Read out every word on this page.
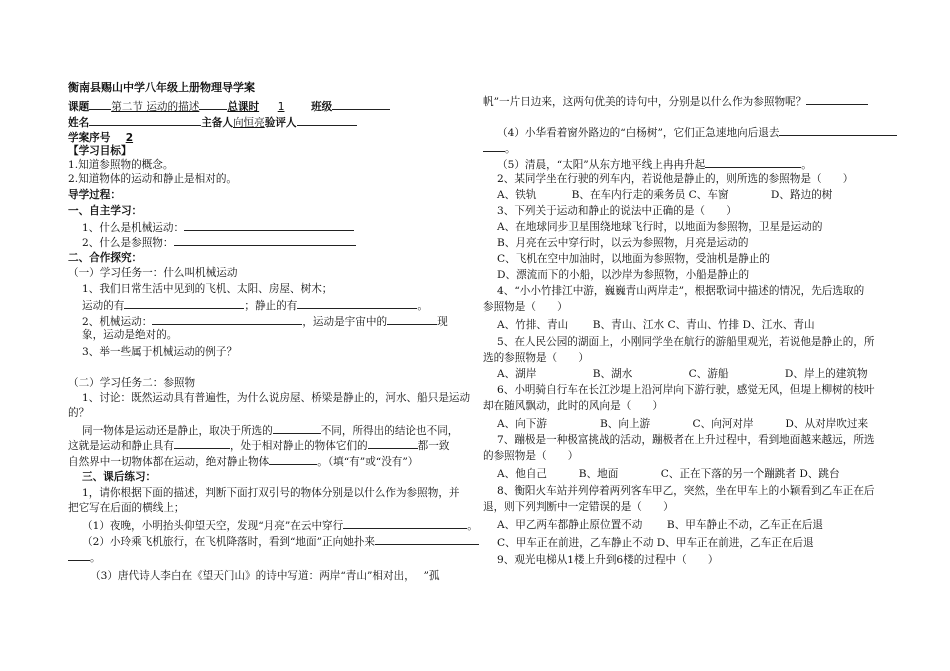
衡南县赐山中学八年级上册物理导学案
课题 第二节 运动的描述	总课时 1	班级
姓名	主备人向恒亮验评人
学案序号 2
【学习目标】
1.知道参照物的概念。
2.知道物体的运动和静止是相对的。
导学过程：
一、自主学习：
1、什么是机械运动：
2、什么是参照物：
二、合作探究：
（一）学习任务一：什么叫机械运动
1、我们日常生活中见到的飞机、太阳、房屋、树木；
运动的有	；静止的有	。
2、机械运动：	，运动是宇宙中的	现
象，运动是绝对的。
3、举一些属于机械运动的例子？
（二）学习任务二：参照物
1、讨论：既然运动具有普遍性，为什么说房屋、桥梁是静止的，河水、船只是运动
的？
同一物体是运动还是静止，取决于所选的	不同，所得出的结论也不同，
这就是运动和静止具有	，处于相对静止的物体它们的	都一致
自然界中一切物体都在运动，绝对静止物体	。（填“有”或“没有”）
三、课后练习：
1，请你根据下面的描述，判断下面打双引号的物体分别是以什么作为参照物，并
把它写在后面的横线上；
（1）夜晚，小明抬头仰望天空，发现“月亮”在云中穿行	。
（2）小玲乘飞机旅行，在飞机降落时，看到“地面”正向她扑来
。
（3）唐代诗人李白在《望天门山》的诗中写道：两岸“青山”相对出，　 ”孤
帆”一片日边来，这两句优美的诗句中，分别是以什么作为参照物呢？
（4）小华看着窗外路边的“白杨树”，它们正急速地向后退去
。
（5）清晨，“太阳”从东方地平线上冉冉升起	。
2、某同学坐在行驶的列车内，若说他是静止的，则所选的参照物是（　　）
A、铁轨　　　 B、在车内行走的乘务员 C、车窗　　　　D、路边的树
3、下列关于运动和静止的说法中正确的是（　　）
A、在地球同步卫星围绕地球飞行时，以地面为参照物，卫星是运动的
B、月亮在云中穿行时，以云为参照物，月亮是运动的
C、飞机在空中加油时，以地面为参照物，受油机是静止的
D、漂流而下的小船，以沙岸为参照物，小船是静止的
4、“小小竹排江中游，巍巍青山两岸走”，根据歌词中描述的情况，先后选取的
参照物是（　　）
A、竹排、青山　　 B、青山、江水 C、青山、竹排 D、江水、青山
5、在人民公园的湖面上，小刚同学坐在航行的游船里观光，若说他是静止的，所
选的参照物是（　　）
A、湖岸　　　　　 B、湖水　　　　　 C、游船　　　　　 D、岸上的建筑物
6、小明骑自行车在长江沙堤上沿河岸向下游行驶，感觉无风，但堤上柳树的枝叶
却在随风飘动，此时的风向是（　　）
A、向下游　　　　　B、向上游　　　　C、向河对岸　　　D、从对岸吹过来
7、蹦极是一种极富挑战的活动，蹦极者在上升过程中，看到地面越来越远，所选
的参照物是（　　）
A、他自己　　　B、地面　　　　C、正在下落的另一个蹦跳者 D、跳台
8、衡阳火车站并列停着两列客车甲乙，突然，坐在甲车上的小颖看到乙车正在后
退，则下列判断中一定错误的是（　　）
A、甲乙两车都静止原位置不动　　 B、甲车静止不动，乙车正在后退
C、甲车正在前进，乙车静止不动 D、甲车正在前进，乙车正在后退
9、观光电梯从1楼上升到6楼的过程中（　　）
